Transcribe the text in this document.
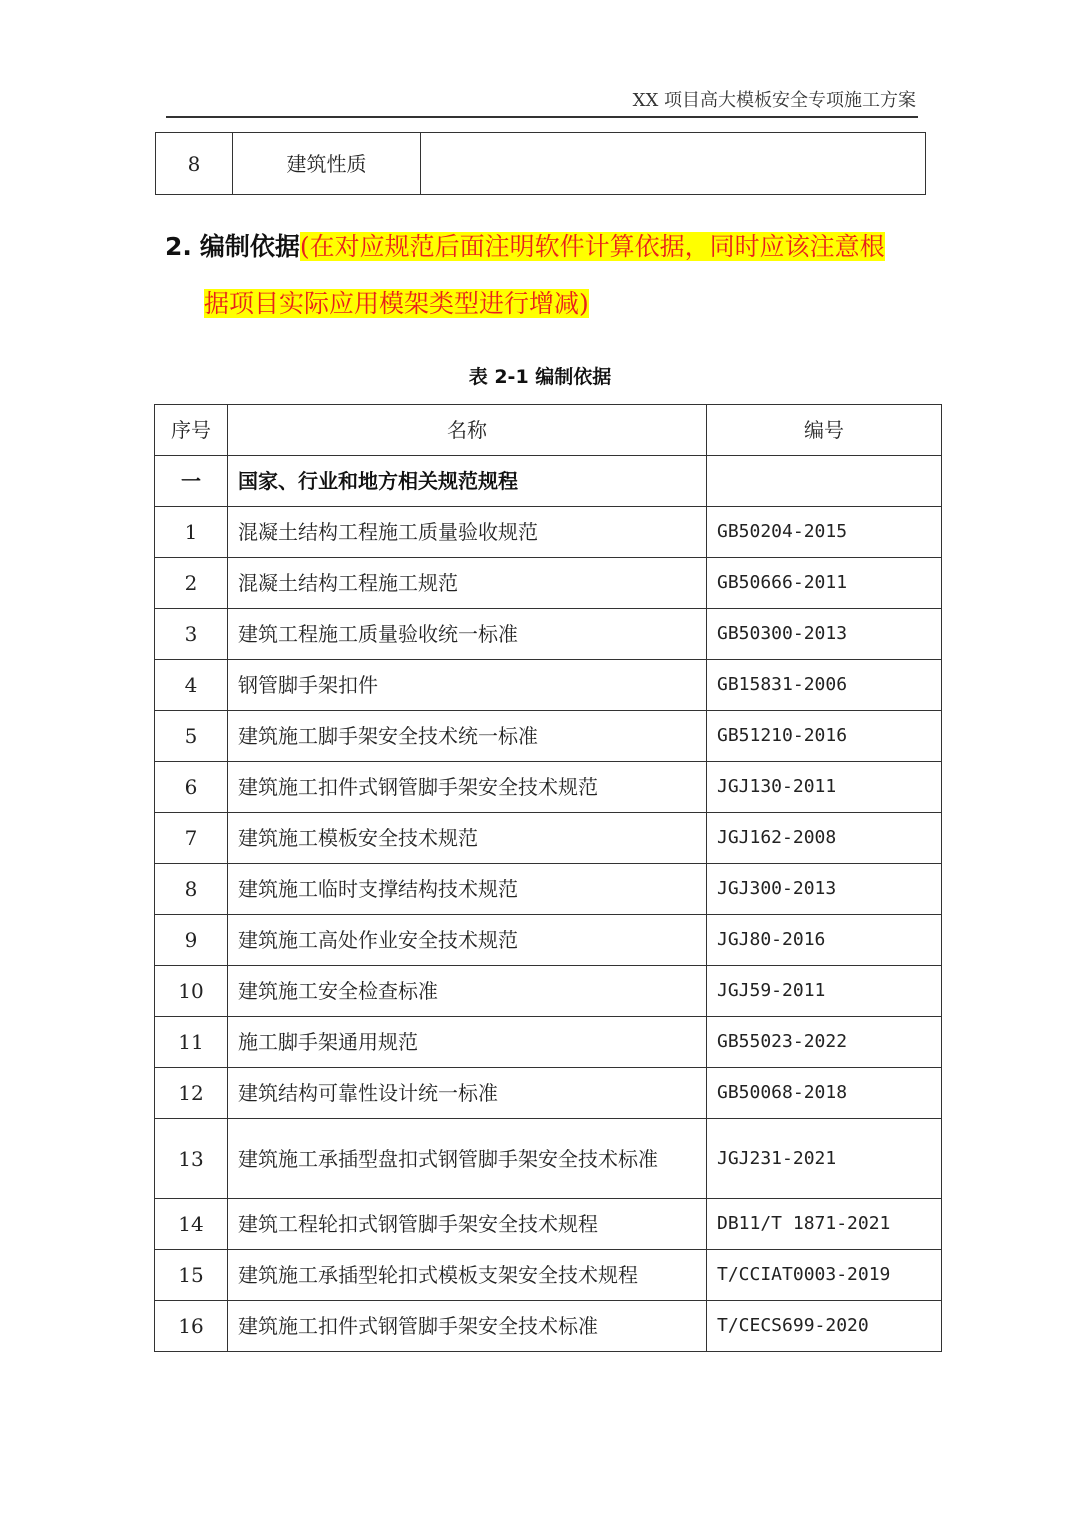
XX 项目高大模板安全专项施工方案
8	建筑性质	
2. 编制依据(在对应规范后面注明软件计算依据，同时应该注意根
据项目实际应用模架类型进行增减)
表 2-1 编制依据
序号	名称	编号
一	国家、行业和地方相关规范规程	
1	混凝土结构工程施工质量验收规范	GB50204-2015
2	混凝土结构工程施工规范	GB50666-2011
3	建筑工程施工质量验收统一标准	GB50300-2013
4	钢管脚手架扣件	GB15831-2006
5	建筑施工脚手架安全技术统一标准	GB51210-2016
6	建筑施工扣件式钢管脚手架安全技术规范	JGJ130-2011
7	建筑施工模板安全技术规范	JGJ162-2008
8	建筑施工临时支撑结构技术规范	JGJ300-2013
9	建筑施工高处作业安全技术规范	JGJ80-2016
10	建筑施工安全检查标准	JGJ59-2011
11	施工脚手架通用规范	GB55023-2022
12	建筑结构可靠性设计统一标准	GB50068-2018
13	建筑施工承插型盘扣式钢管脚手架安全技术标准	JGJ231-2021
14	建筑工程轮扣式钢管脚手架安全技术规程	DB11/T 1871-2021
15	建筑施工承插型轮扣式模板支架安全技术规程	T/CCIAT0003-2019
16	建筑施工扣件式钢管脚手架安全技术标准	T/CECS699-2020
